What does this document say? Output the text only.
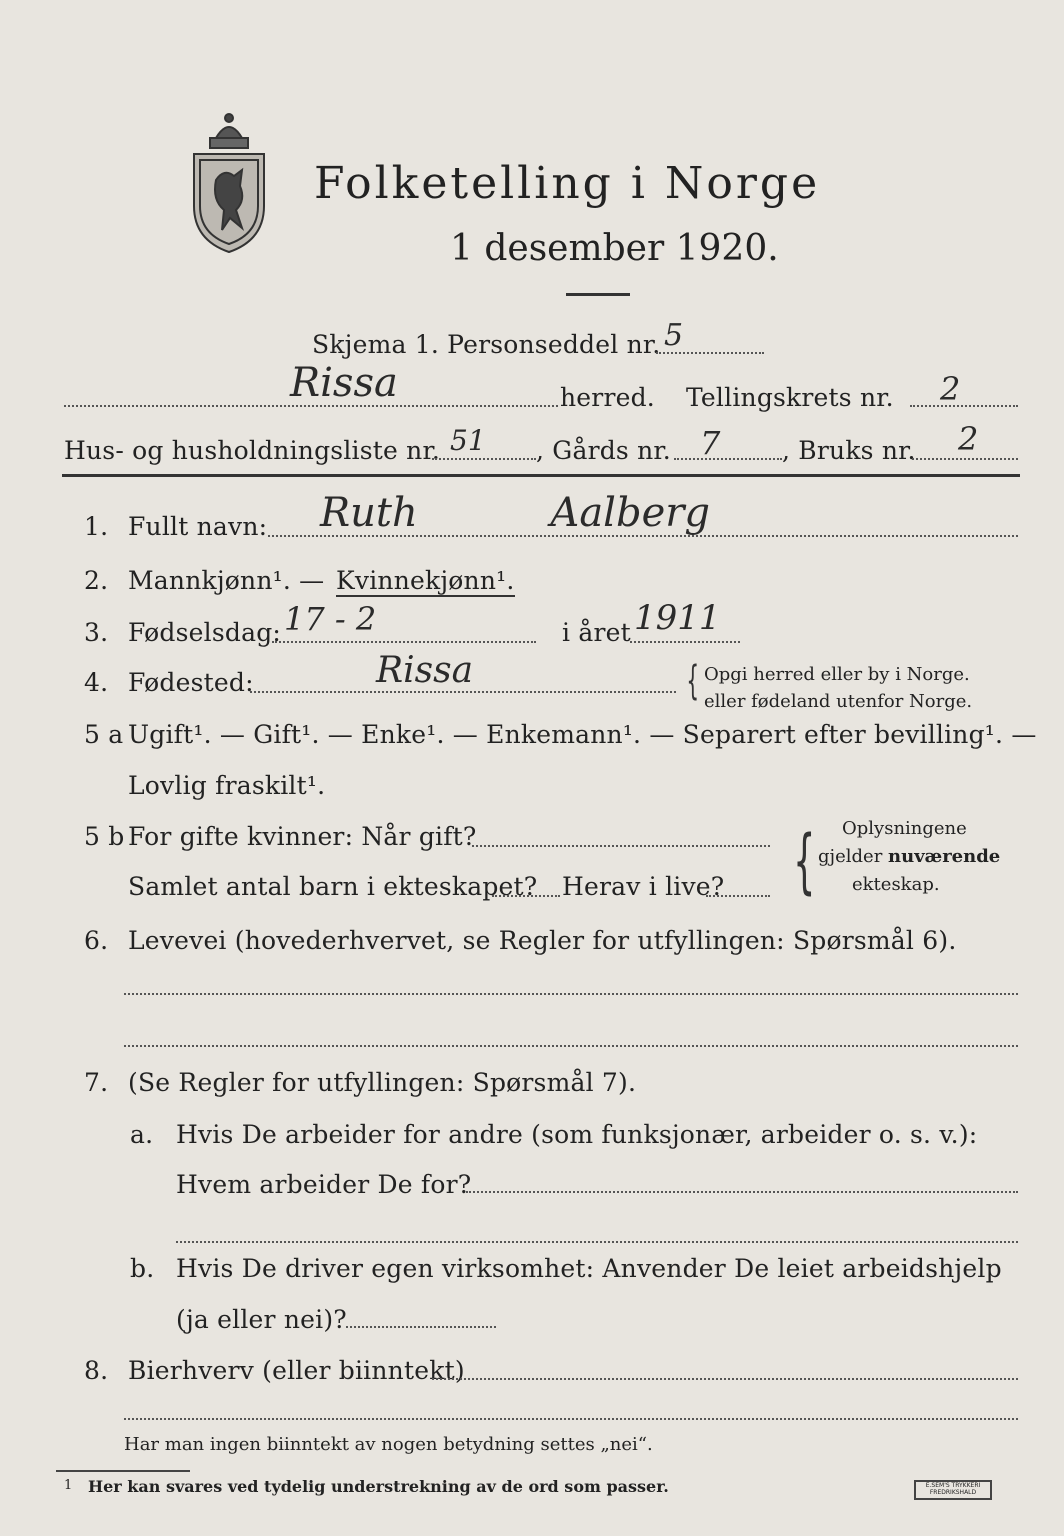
Folketelling i Norge
1 desember 1920.
Skjema 1. Personseddel nr. 5
Rissa	herred. Tellingskrets nr. 2
Hus- og husholdningsliste nr. 51 , Gårds nr. 7 , Bruks nr. 2
1. Fullt navn: Ruth Aalberg
2. Mannkjønn¹. — Kvinnekjønn¹.
3. Fødselsdag: 17 - 2	i året 1911
4. Fødested:	Rissa	{ Opgi herred eller by i Norge.
eller fødeland utenfor Norge.
5 a Ugift¹. — Gift¹. — Enke¹. — Enkemann¹. — Separert efter bevilling¹. —
Lovlig fraskilt¹.
5 b For gifte kvinner: Når gift?
Samlet antal barn i ekteskapet? Herav i live? { Oplysningene
gjelder nuværende
ekteskap.
6. Levevei (hovederhvervet, se Regler for utfyllingen: Spørsmål 6).
7. (Se Regler for utfyllingen: Spørsmål 7).
a. Hvis De arbeider for andre (som funksjonær, arbeider o. s. v.):
Hvem arbeider De for?
b. Hvis De driver egen virksomhet: Anvender De leiet arbeidshjelp
(ja eller nei)?
8. Bierhverv (eller biinntekt)
Har man ingen biinntekt av nogen betydning settes „nei“.
1 Her kan svares ved tydelig understrekning av de ord som passer.	E.SEM'S TRYKKERI FREDRIKSHALD
